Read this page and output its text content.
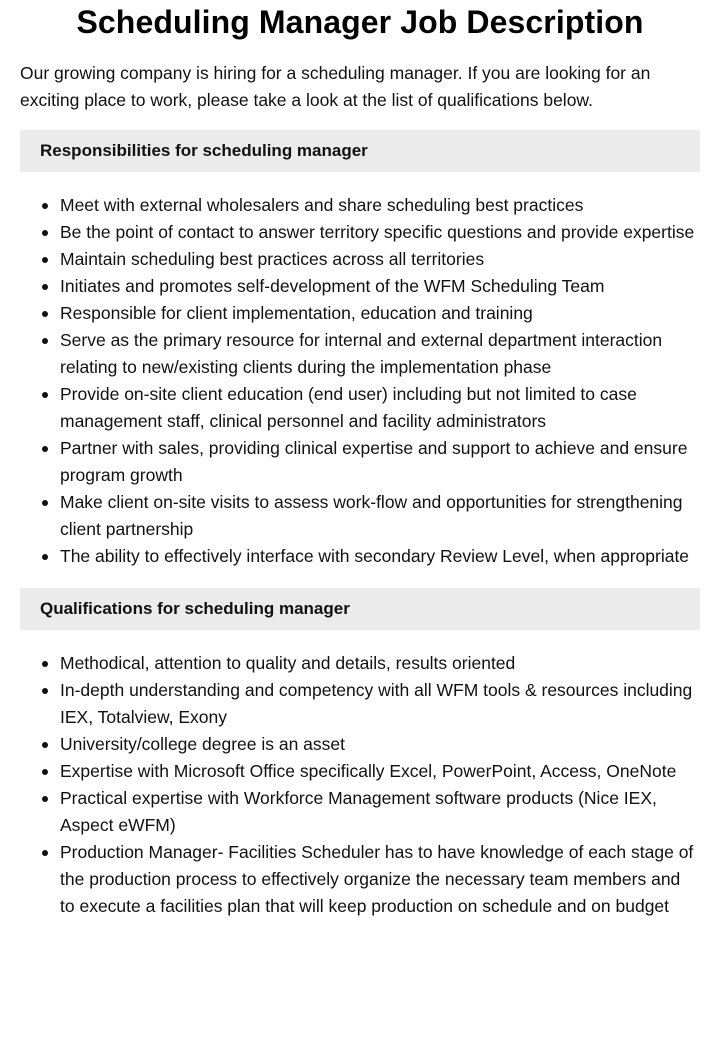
Scheduling Manager Job Description

Our growing company is hiring for a scheduling manager. If you are looking for an exciting place to work, please take a look at the list of qualifications below.

Responsibilities for scheduling manager
Meet with external wholesalers and share scheduling best practices
Be the point of contact to answer territory specific questions and provide expertise
Maintain scheduling best practices across all territories
Initiates and promotes self-development of the WFM Scheduling Team
Responsible for client implementation, education and training
Serve as the primary resource for internal and external department interaction relating to new/existing clients during the implementation phase
Provide on-site client education (end user) including but not limited to case management staff, clinical personnel and facility administrators
Partner with sales, providing clinical expertise and support to achieve and ensure program growth
Make client on-site visits to assess work-flow and opportunities for strengthening client partnership
The ability to effectively interface with secondary Review Level, when appropriate
Qualifications for scheduling manager
Methodical, attention to quality and details, results oriented
In-depth understanding and competency with all WFM tools & resources including IEX, Totalview, Exony
University/college degree is an asset
Expertise with Microsoft Office specifically Excel, PowerPoint, Access, OneNote
Practical expertise with Workforce Management software products (Nice IEX, Aspect eWFM)
Production Manager- Facilities Scheduler has to have knowledge of each stage of the production process to effectively organize the necessary team members and to execute a facilities plan that will keep production on schedule and on budget
